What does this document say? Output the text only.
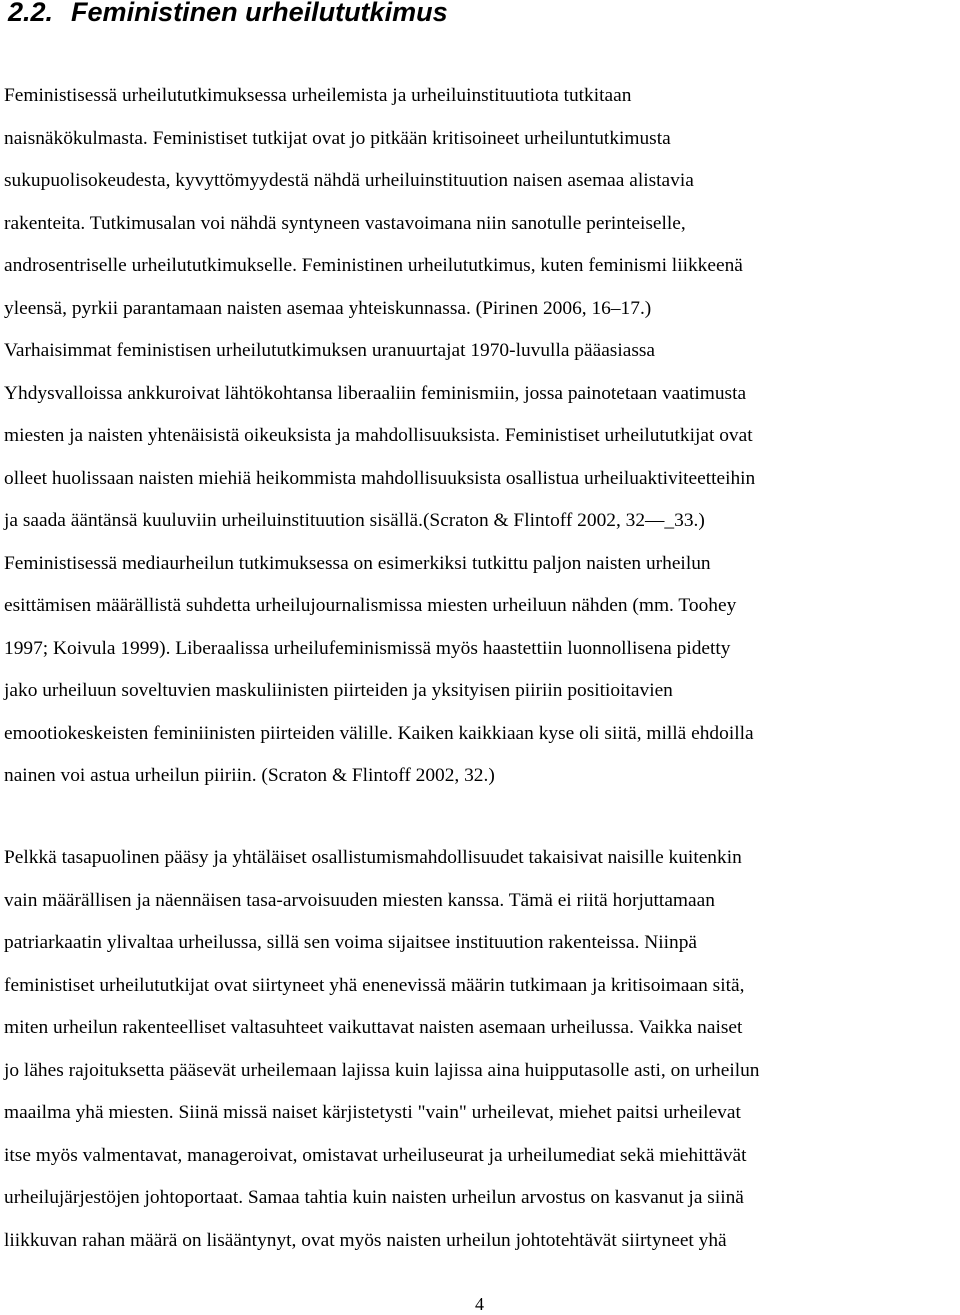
2.2. Feministinen urheilututkimus

Feministisessä urheilututkimuksessa urheilemista ja urheiluinstituutiota tutkitaan
naisnäkökulmasta. Feministiset tutkijat ovat jo pitkään kritisoineet urheiluntutkimusta
sukupuolisokeudesta, kyvyttömyydestä nähdä urheiluinstituution naisen asemaa alistavia
rakenteita. Tutkimusalan voi nähdä syntyneen vastavoimana niin sanotulle perinteiselle,
androsentriselle urheilututkimukselle. Feministinen urheilututkimus, kuten feminismi liikkeenä
yleensä, pyrkii parantamaan naisten asemaa yhteiskunnassa. (Pirinen 2006, 16–17.)
Varhaisimmat feministisen urheilututkimuksen uranuurtajat 1970-luvulla pääasiassa
Yhdysvalloissa ankkuroivat lähtökohtansa liberaaliin feminismiin, jossa painotetaan vaatimusta
miesten ja naisten yhtenäisistä oikeuksista ja mahdollisuuksista. Feministiset urheilututkijat ovat
olleet huolissaan naisten miehiä heikommista mahdollisuuksista osallistua urheiluaktiviteetteihin
ja saada ääntänsä kuuluviin urheiluinstituution sisällä.(Scraton & Flintoff 2002, 32—_33.)
Feministisessä mediaurheilun tutkimuksessa on esimerkiksi tutkittu paljon naisten urheilun
esittämisen määrällistä suhdetta urheilujournalismissa miesten urheiluun nähden (mm. Toohey
1997; Koivula 1999). Liberaalissa urheilufeminismissä myös haastettiin luonnollisena pidetty
jako urheiluun soveltuvien maskuliinisten piirteiden ja yksityisen piiriin positioitavien
emootiokeskeisten feminiinisten piirteiden välille. Kaiken kaikkiaan kyse oli siitä, millä ehdoilla
nainen voi astua urheilun piiriin. (Scraton & Flintoff 2002, 32.)

Pelkkä tasapuolinen pääsy ja yhtäläiset osallistumismahdollisuudet takaisivat naisille kuitenkin
vain määrällisen ja näennäisen tasa-arvoisuuden miesten kanssa. Tämä ei riitä horjuttamaan
patriarkaatin ylivaltaa urheilussa, sillä sen voima sijaitsee instituution rakenteissa. Niinpä
feministiset urheilututkijat ovat siirtyneet yhä enenevissä määrin tutkimaan ja kritisoimaan sitä,
miten urheilun rakenteelliset valtasuhteet vaikuttavat naisten asemaan urheilussa. Vaikka naiset
jo lähes rajoituksetta pääsevät urheilemaan lajissa kuin lajissa aina huipputasolle asti, on urheilun
maailma yhä miesten. Siinä missä naiset kärjistetysti "vain" urheilevat, miehet paitsi urheilevat
itse myös valmentavat, manageroivat, omistavat urheiluseurat ja urheilumediat sekä miehittävät
urheilujärjestöjen johtoportaat. Samaa tahtia kuin naisten urheilun arvostus on kasvanut ja siinä
liikkuvan rahan määrä on lisääntynyt, ovat myös naisten urheilun johtotehtävät siirtyneet yhä

4
